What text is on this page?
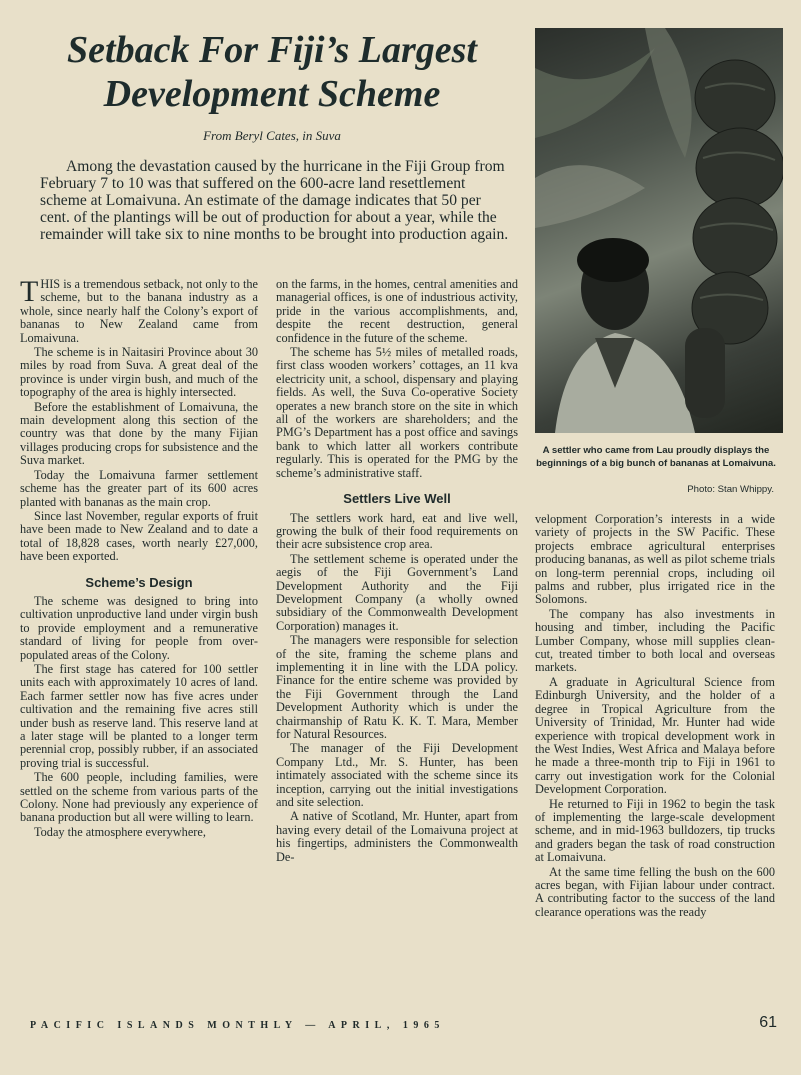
Setback For Fiji’s Largest
Development Scheme
From Beryl Cates, in Suva

Among the devastation caused by the hurricane in the Fiji Group from February 7 to 10 was that suffered on the 600-acre land resettlement scheme at Lomaivuna. An estimate of the damage indicates that 50 per cent. of the plantings will be out of production for about a year, while the remainder will take six to nine months to be brought into production again.

A settler who came from Lau proudly displays the beginnings of a big bunch of bananas at Lomaivuna.
Photo: Stan Whippy.

THIS is a tremendous setback, not only to the scheme, but to the banana industry as a whole, since nearly half the Colony’s export of bananas to New Zealand came from Lomaivuna.

The scheme is in Naitasiri Province about 30 miles by road from Suva. A great deal of the province is under virgin bush, and much of the topography of the area is highly intersected.

Before the establishment of Lomaivuna, the main development along this section of the country was that done by the many Fijian villages producing crops for subsistence and the Suva market.

Today the Lomaivuna farmer settlement scheme has the greater part of its 600 acres planted with bananas as the main crop.

Since last November, regular exports of fruit have been made to New Zealand and to date a total of 18,828 cases, worth nearly £27,000, have been exported.

Scheme’s Design

The scheme was designed to bring into cultivation unproductive land under virgin bush to provide employment and a remunerative standard of living for people from over-populated areas of the Colony.

The first stage has catered for 100 settler units each with approximately 10 acres of land. Each farmer settler now has five acres under cultivation and the remaining five acres still under bush as reserve land. This reserve land at a later stage will be planted to a longer term perennial crop, possibly rubber, if an associated proving trial is successful.

The 600 people, including families, were settled on the scheme from various parts of the Colony. None had previously any experience of banana production but all were willing to learn.

Today the atmosphere everywhere,

on the farms, in the homes, central amenities and managerial offices, is one of industrious activity, pride in the various accomplishments, and, despite the recent destruction, general confidence in the future of the scheme.

The scheme has 5½ miles of metalled roads, first class wooden workers’ cottages, an 11 kva electricity unit, a school, dispensary and playing fields. As well, the Suva Co-operative Society operates a new branch store on the site in which all of the workers are shareholders; and the PMG’s Department has a post office and savings bank to which latter all workers contribute regularly. This is operated for the PMG by the scheme’s administrative staff.

Settlers Live Well

The settlers work hard, eat and live well, growing the bulk of their food requirements on their acre subsistence crop area.

The settlement scheme is operated under the aegis of the Fiji Government’s Land Development Authority and the Fiji Development Company (a wholly owned subsidiary of the Commonwealth Development Corporation) manages it.

The managers were responsible for selection of the site, framing the scheme plans and implementing it in line with the LDA policy. Finance for the entire scheme was provided by the Fiji Government through the Land Development Authority which is under the chairmanship of Ratu K. K. T. Mara, Member for Natural Resources.

The manager of the Fiji Development Company Ltd., Mr. S. Hunter, has been intimately associated with the scheme since its inception, carrying out the initial investigations and site selection.

A native of Scotland, Mr. Hunter, apart from having every detail of the Lomaivuna project at his fingertips, administers the Commonwealth De-

velopment Corporation’s interests in a wide variety of projects in the SW Pacific. These projects embrace agricultural enterprises producing bananas, as well as pilot scheme trials on long-term perennial crops, including oil palms and rubber, plus irrigated rice in the Solomons.

The company has also investments in housing and timber, including the Pacific Lumber Company, whose mill supplies clean-cut, treated timber to both local and overseas markets.

A graduate in Agricultural Science from Edinburgh University, and the holder of a degree in Tropical Agriculture from the University of Trinidad, Mr. Hunter had wide experience with tropical development work in the West Indies, West Africa and Malaya before he made a three-month trip to Fiji in 1961 to carry out investigation work for the Colonial Development Corporation.

He returned to Fiji in 1962 to begin the task of implementing the large-scale development scheme, and in mid-1963 bulldozers, tip trucks and graders began the task of road construction at Lomaivuna.

At the same time felling the bush on the 600 acres began, with Fijian labour under contract. A contributing factor to the success of the land clearance operations was the ready

PACIFIC ISLANDS MONTHLY — APRIL, 1965	61
